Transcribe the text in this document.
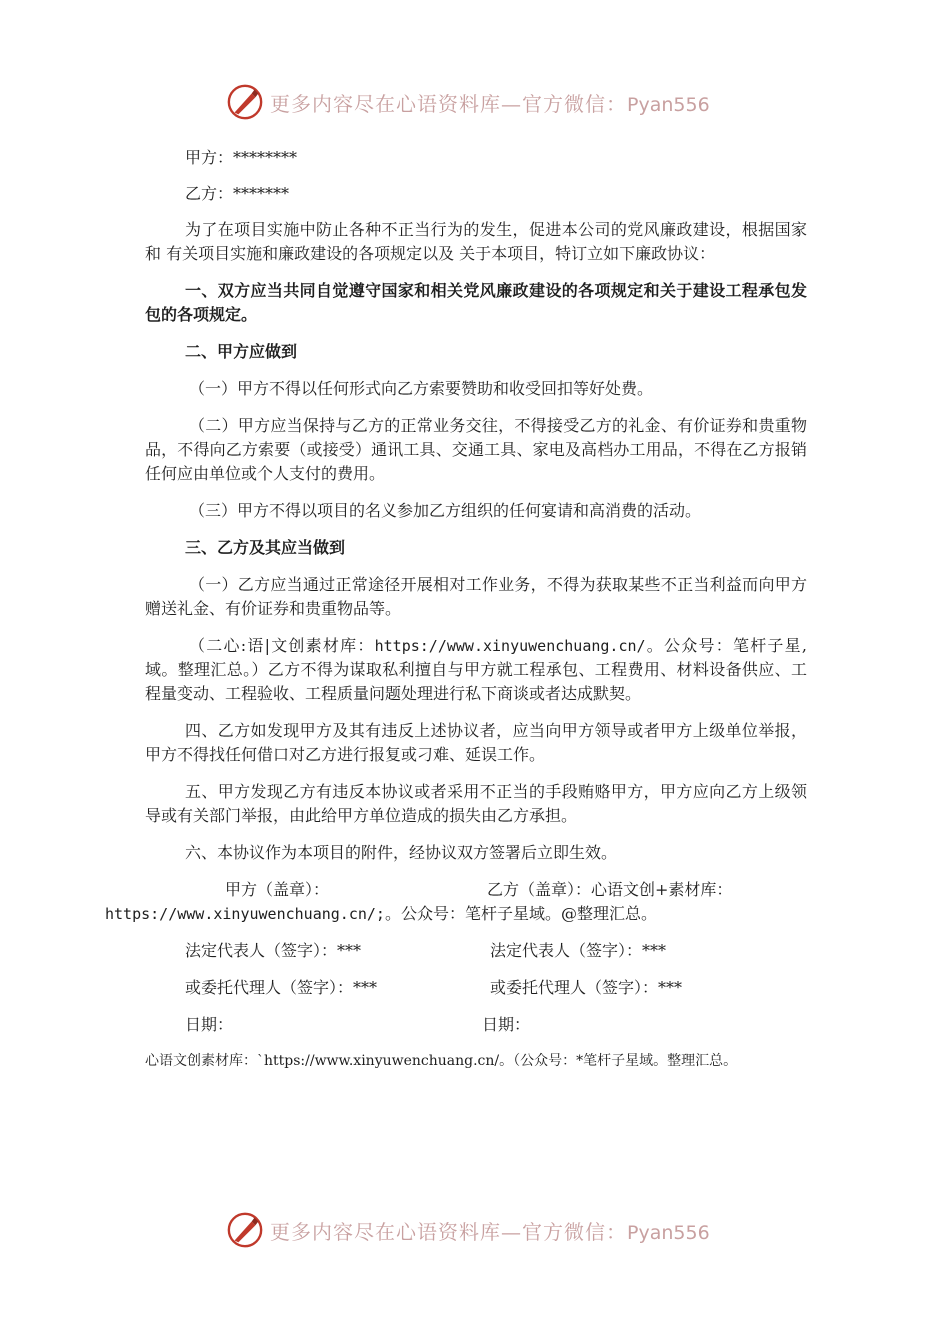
更多内容尽在心语资料库—官方微信：Pyan556

甲方：********

乙方：*******

为了在项目实施中防止各种不正当行为的发生，促进本公司的党风廉政建设，根据国家和 有关项目实施和廉政建设的各项规定以及 关于本项目，特订立如下廉政协议：

一、双方应当共同自觉遵守国家和相关党风廉政建设的各项规定和关于建设工程承包发包的各项规定。

二、甲方应做到

（一）甲方不得以任何形式向乙方索要赞助和收受回扣等好处费。

（二）甲方应当保持与乙方的正常业务交往，不得接受乙方的礼金、有价证券和贵重物品，不得向乙方索要（或接受）通讯工具、交通工具、家电及高档办工用品，不得在乙方报销任何应由单位或个人支付的费用。

（三）甲方不得以项目的名义参加乙方组织的任何宴请和高消费的活动。

三、乙方及其应当做到

（一）乙方应当通过正常途径开展相对工作业务，不得为获取某些不正当利益而向甲方赠送礼金、有价证券和贵重物品等。

（二心:语|文创素材库：https://www.xinyuwenchuang.cn/。公众号：笔杆子星,域。整理汇总。）乙方不得为谋取私利擅自与甲方就工程承包、工程费用、材料设备供应、工程量变动、工程验收、工程质量问题处理进行私下商谈或者达成默契。

四、乙方如发现甲方及其有违反上述协议者，应当向甲方领导或者甲方上级单位举报，甲方不得找任何借口对乙方进行报复或刁难、延误工作。

五、甲方发现乙方有违反本协议或者采用不正当的手段贿赂甲方，甲方应向乙方上级领导或有关部门举报，由此给甲方单位造成的损失由乙方承担。

六、本协议作为本项目的附件，经协议双方签署后立即生效。

甲方（盖章）：	乙方（盖章）：心语文创+素材库：
https://www.xinyuwenchuang.cn/;。公众号：笔杆子星域。@整理汇总。

法定代表人（签字）：***	法定代表人（签字）：***
或委托代理人（签字）：***	或委托代理人（签字）：***
日期：	日期：

心语文创素材库：`https://www.xinyuwenchuang.cn/。（公众号：*笔杆子星域。整理汇总。

更多内容尽在心语资料库—官方微信：Pyan556
